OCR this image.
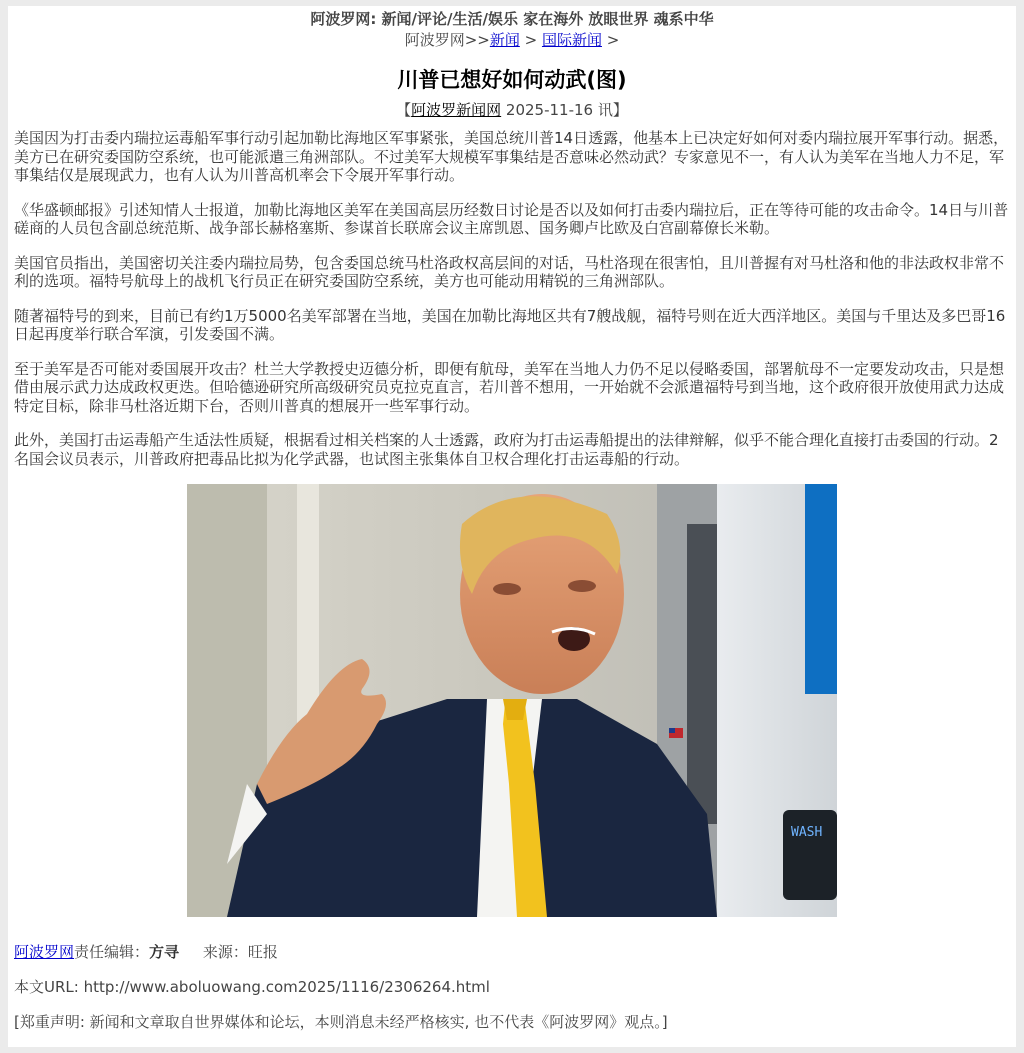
阿波罗网: 新闻/评论/生活/娱乐 家在海外 放眼世界 魂系中华
阿波罗网>>新闻 > 国际新闻 >
川普已想好如何动武(图)
【阿波罗新闻网 2025-11-16 讯】

美国因为打击委内瑞拉运毒船军事行动引起加勒比海地区军事紧张，美国总统川普14日透露，他基本上已决定好如何对委内瑞拉展开军事行动。据悉，美方已在研究委国防空系统，也可能派遣三角洲部队。不过美军大规模军事集结是否意味必然动武？专家意见不一，有人认为美军在当地人力不足，军事集结仅是展现武力，也有人认为川普高机率会下令展开军事行动。

《华盛顿邮报》引述知情人士报道，加勒比海地区美军在美国高层历经数日讨论是否以及如何打击委内瑞拉后，正在等待可能的攻击命令。14日与川普磋商的人员包含副总统范斯、战争部长赫格塞斯、参谋首长联席会议主席凯恩、国务卿卢比欧及白宫副幕僚长米勒。

美国官员指出，美国密切关注委内瑞拉局势，包含委国总统马杜洛政权高层间的对话，马杜洛现在很害怕，且川普握有对马杜洛和他的非法政权非常不利的选项。福特号航母上的战机飞行员正在研究委国防空系统，美方也可能动用精锐的三角洲部队。

随著福特号的到来，目前已有约1万5000名美军部署在当地，美国在加勒比海地区共有7艘战舰，福特号则在近大西洋地区。美国与千里达及多巴哥16日起再度举行联合军演，引发委国不满。

至于美军是否可能对委国展开攻击？杜兰大学教授史迈德分析，即便有航母，美军在当地人力仍不足以侵略委国，部署航母不一定要发动攻击，只是想借由展示武力达成政权更迭。但哈德逊研究所高级研究员克拉克直言，若川普不想用，一开始就不会派遣福特号到当地，这个政府很开放使用武力达成特定目标，除非马杜洛近期下台，否则川普真的想展开一些军事行动。

此外，美国打击运毒船产生适法性质疑，根据看过相关档案的人士透露，政府为打击运毒船提出的法律辩解，似乎不能合理化直接打击委国的行动。2名国会议员表示，川普政府把毒品比拟为化学武器，也试图主张集体自卫权合理化打击运毒船的行动。

WASH
阿波罗网责任编辑：方寻 来源：旺报
本文URL: http://www.aboluowang.com2025/1116/2306264.html
[郑重声明: 新闻和文章取自世界媒体和论坛，本则消息未经严格核实, 也不代表《阿波罗网》观点。]
